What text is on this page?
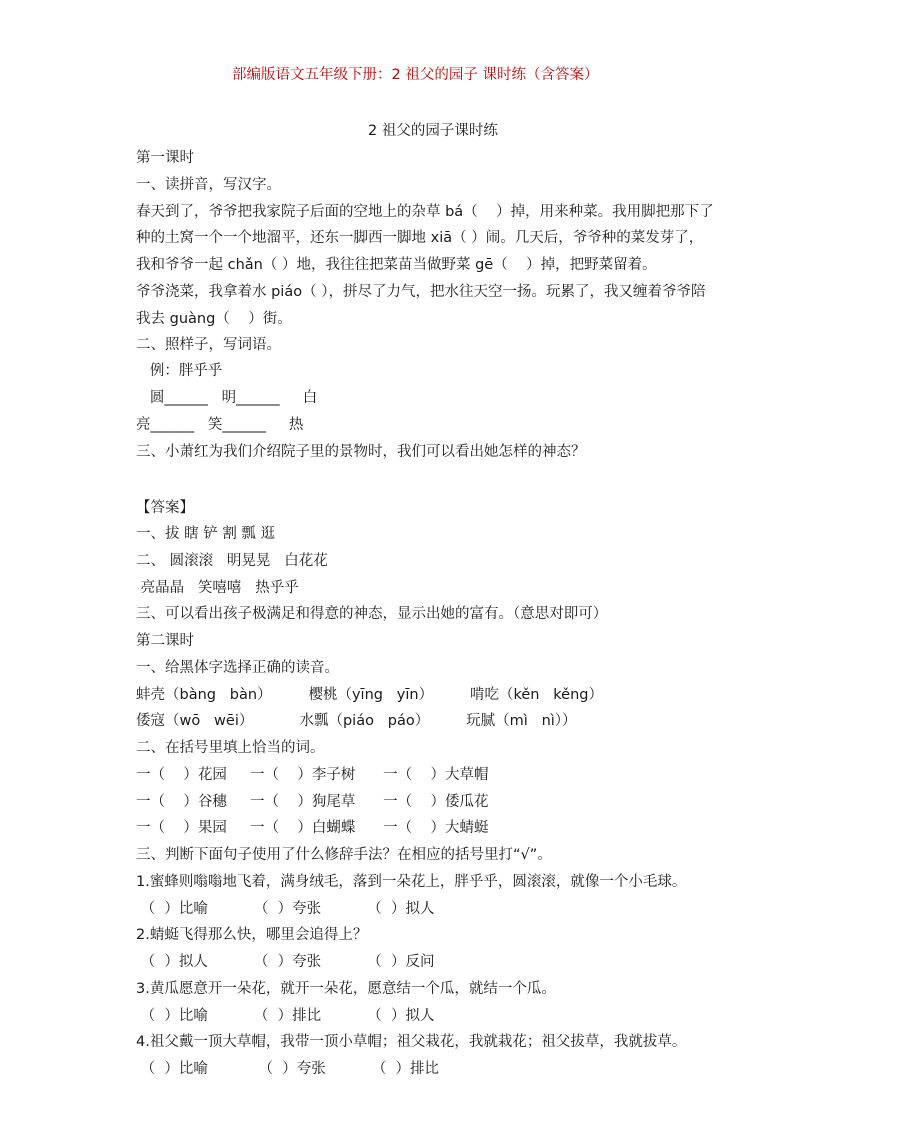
部编版语文五年级下册：2 祖父的园子 课时练（含答案）
2 祖父的园子课时练
第一课时
一、读拼音，写汉字。
春天到了，爷爷把我家院子后面的空地上的杂草 bá（    ）掉，用来种菜。我用脚把那下了
种的土窝一个一个地溜平，还东一脚西一脚地 xiā（ ）闹。几天后，爷爷种的菜发芽了，
我和爷爷一起 chǎn（ ）地，我往往把菜苗当做野菜 gē（    ）掉，把野菜留着。
爷爷浇菜，我拿着水 piáo（ ），拼尽了力气，把水往天空一扬。玩累了，我又缠着爷爷陪
我去 guàng（    ）街。
二、照样子，写词语。
例：胖乎乎
圆______   明______     白
亮______   笑______     热
三、小萧红为我们介绍院子里的景物时，我们可以看出她怎样的神态？
【答案】
一、拔 瞎 铲 割 瓢 逛
二、 圆滚滚   明晃晃   白花花
亮晶晶   笑嘻嘻   热乎乎
三、可以看出孩子极满足和得意的神态，显示出她的富有。（意思对即可）
第二课时
一、给黑体字选择正确的读音。
蚌壳（bàng   bàn）        樱桃（yīng   yīn）        啃吃（kěn   kěng）
倭寇（wō   wēi）          水瓢（piáo   páo）        玩腻（mì   nì））
二、在括号里填上恰当的词。
一（    ）花园     一（    ）李子树      一（    ）大草帽
一（    ）谷穗     一（    ）狗尾草      一（    ）倭瓜花
一（    ）果园     一（    ）白蝴蝶      一（    ）大蜻蜓
三、判断下面句子使用了什么修辞手法？在相应的括号里打“√”。
1.蜜蜂则嗡嗡地飞着，满身绒毛，落到一朵花上，胖乎乎，圆滚滚，就像一个小毛球。
（  ）比喻          （  ）夸张          （  ）拟人
2.蜻蜓飞得那么快，哪里会追得上？
（  ）拟人          （  ）夸张          （  ）反问
3.黄瓜愿意开一朵花，就开一朵花，愿意结一个瓜，就结一个瓜。
（  ）比喻          （  ）排比          （  ）拟人
4.祖父戴一顶大草帽，我带一顶小草帽；祖父栽花，我就栽花；祖父拔草，我就拔草。
（  ）比喻           （  ）夸张          （  ）排比
